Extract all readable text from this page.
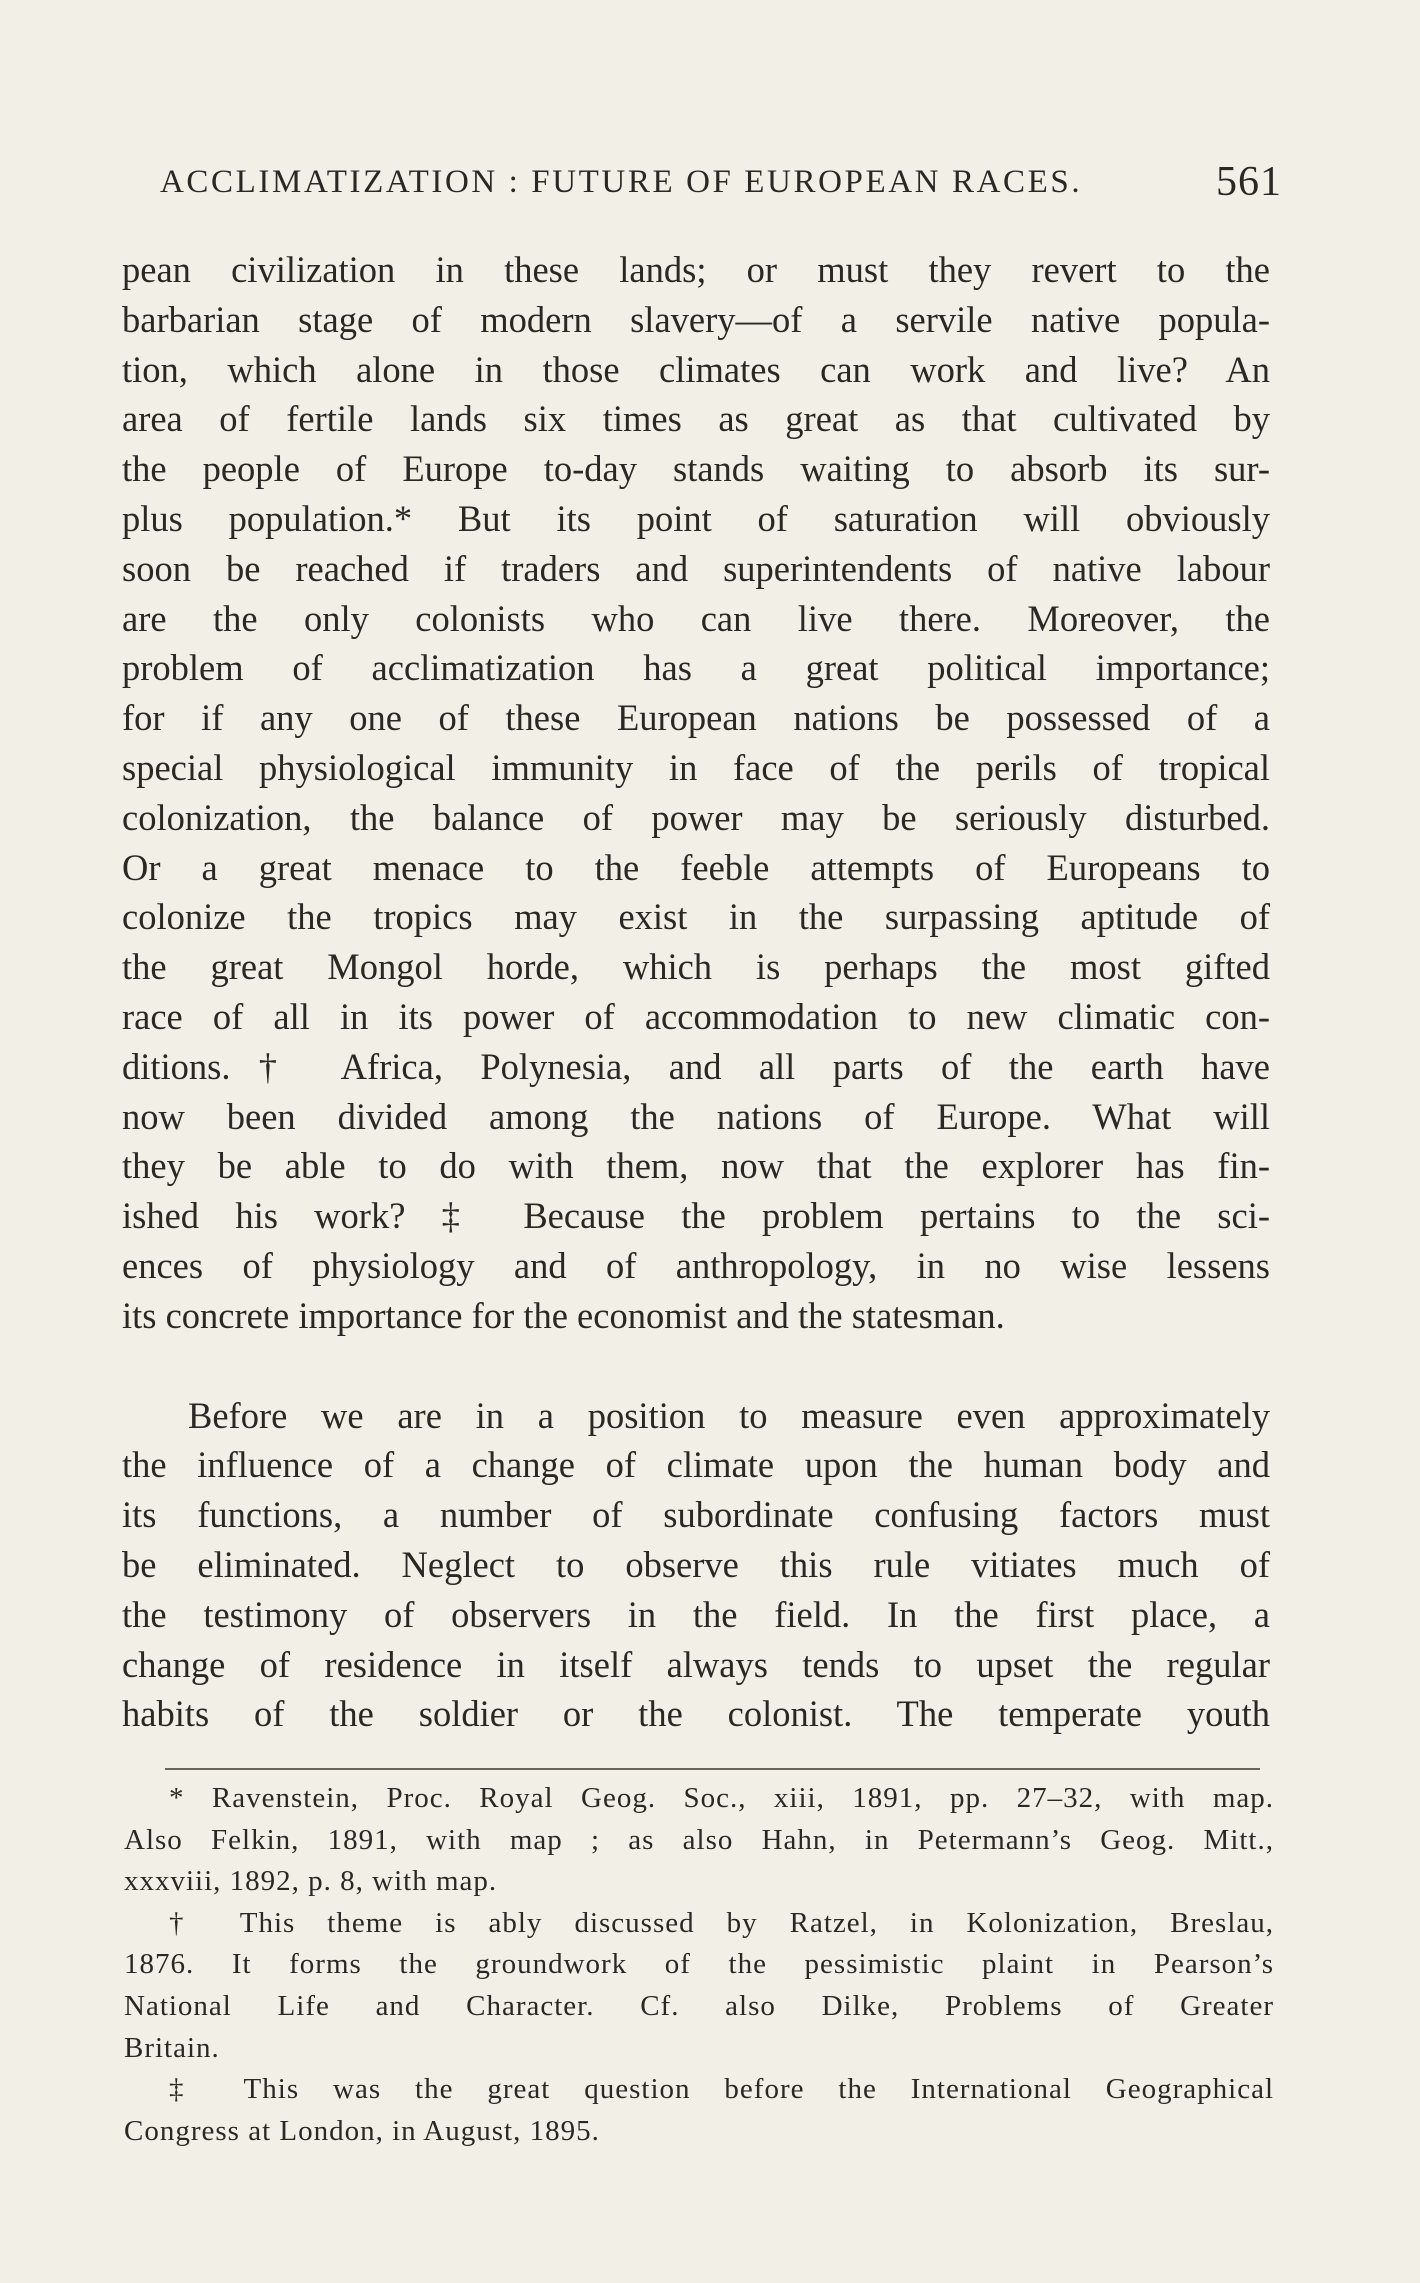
ACCLIMATIZATION : FUTURE OF EUROPEAN RACES.	561
pean civilization in these lands; or must they revert to the
barbarian stage of modern slavery—of a servile native popula-
tion, which alone in those climates can work and live? An
area of fertile lands six times as great as that cultivated by
the people of Europe to-day stands waiting to absorb its sur-
plus population.* But its point of saturation will obviously
soon be reached if traders and superintendents of native labour
are the only colonists who can live there. Moreover, the
problem of acclimatization has a great political importance;
for if any one of these European nations be possessed of a
special physiological immunity in face of the perils of tropical
colonization, the balance of power may be seriously disturbed.
Or a great menace to the feeble attempts of Europeans to
colonize the tropics may exist in the surpassing aptitude of
the great Mongol horde, which is perhaps the most gifted
race of all in its power of accommodation to new climatic con-
ditions.† Africa, Polynesia, and all parts of the earth have
now been divided among the nations of Europe. What will
they be able to do with them, now that the explorer has fin-
ished his work? ‡ Because the problem pertains to the sci-
ences of physiology and of anthropology, in no wise lessens
its concrete importance for the economist and the statesman.
Before we are in a position to measure even approximately
the influence of a change of climate upon the human body and
its functions, a number of subordinate confusing factors must
be eliminated. Neglect to observe this rule vitiates much of
the testimony of observers in the field. In the first place, a
change of residence in itself always tends to upset the regular
habits of the soldier or the colonist. The temperate youth
* Ravenstein, Proc. Royal Geog. Soc., xiii, 1891, pp. 27–32, with map.
Also Felkin, 1891, with map ; as also Hahn, in Petermann’s Geog. Mitt.,
xxxviii, 1892, p. 8, with map.
† This theme is ably discussed by Ratzel, in Kolonization, Breslau,
1876. It forms the groundwork of the pessimistic plaint in Pearson’s
National Life and Character. Cf. also Dilke, Problems of Greater
Britain.
‡ This was the great question before the International Geographical
Congress at London, in August, 1895.
